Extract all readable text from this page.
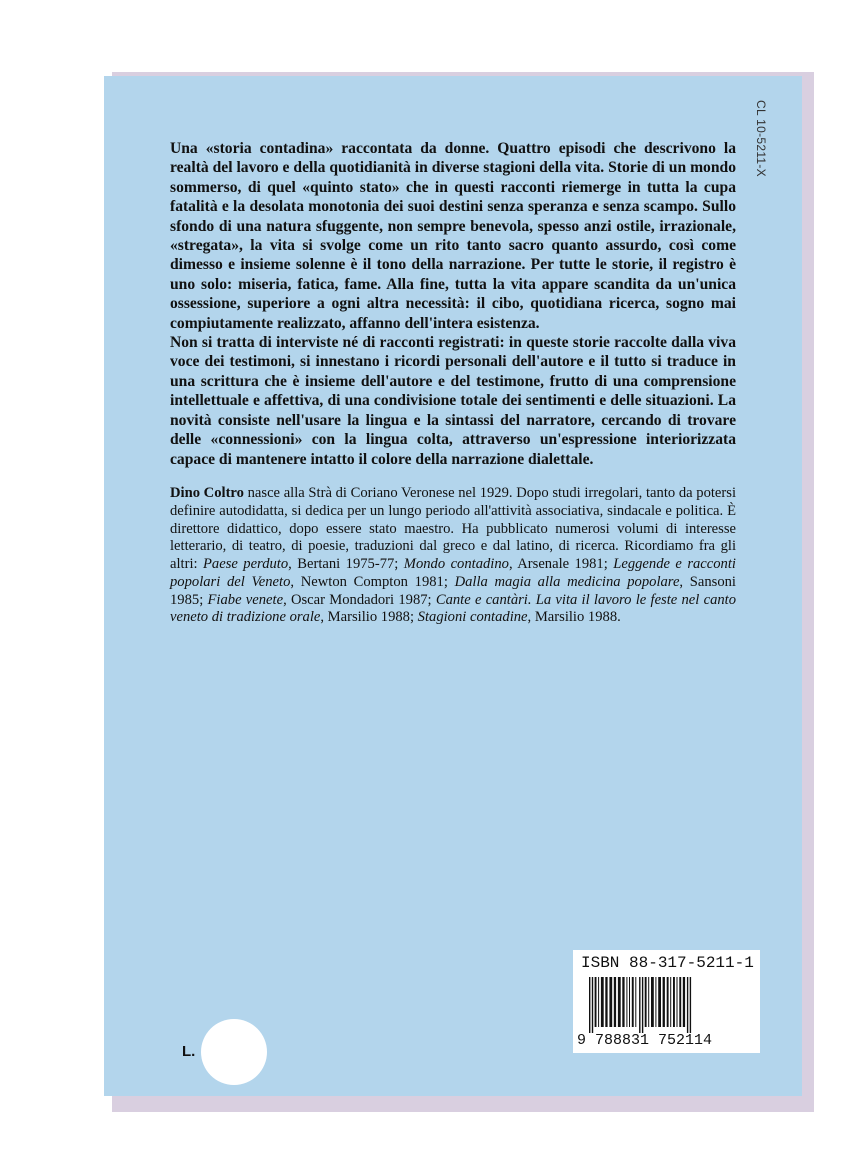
CL 10-5211-X

Una «storia contadina» raccontata da donne. Quattro episodi che descrivono la realtà del lavoro e della quotidianità in diverse stagioni della vita. Storie di un mondo sommerso, di quel «quinto stato» che in questi racconti riemerge in tutta la cupa fatalità e la desolata monotonia dei suoi destini senza speranza e senza scampo. Sullo sfondo di una natura sfuggente, non sempre benevola, spesso anzi ostile, irrazionale, «stregata», la vita si svolge come un rito tanto sacro quanto assurdo, così come dimesso e insieme solenne è il tono della narrazione. Per tutte le storie, il registro è uno solo: miseria, fatica, fame. Alla fine, tutta la vita appare scandita da un'unica ossessione, superiore a ogni altra necessità: il cibo, quotidiana ricerca, sogno mai compiutamente realizzato, affanno dell'intera esistenza.

Non si tratta di interviste né di racconti registrati: in queste storie raccolte dalla viva voce dei testimoni, si innestano i ricordi personali dell'autore e il tutto si traduce in una scrittura che è insieme dell'autore e del testimone, frutto di una comprensione intellettuale e affettiva, di una condivisione totale dei sentimenti e delle situazioni. La novità consiste nell'usare la lingua e la sintassi del narratore, cercando di trovare delle «connessioni» con la lingua colta, attraverso un'espressione interiorizzata capace di mantenere intatto il colore della narrazione dialettale.

Dino Coltro nasce alla Strà di Coriano Veronese nel 1929. Dopo studi irregolari, tanto da potersi definire autodidatta, si dedica per un lungo periodo all'attività associativa, sindacale e politica. È direttore didattico, dopo essere stato maestro. Ha pubblicato numerosi volumi di interesse letterario, di teatro, di poesie, traduzioni dal greco e dal latino, di ricerca. Ricordiamo fra gli altri: Paese perduto, Bertani 1975-77; Mondo contadino, Arsenale 1981; Leggende e racconti popolari del Veneto, Newton Compton 1981; Dalla magia alla medicina popolare, Sansoni 1985; Fiabe venete, Oscar Mondadori 1987; Cante e cantàri. La vita il lavoro le feste nel canto veneto di tradizione orale, Marsilio 1988; Stagioni contadine, Marsilio 1988.
ISBN 88-317-5211-1
9 788831 752114
L.
